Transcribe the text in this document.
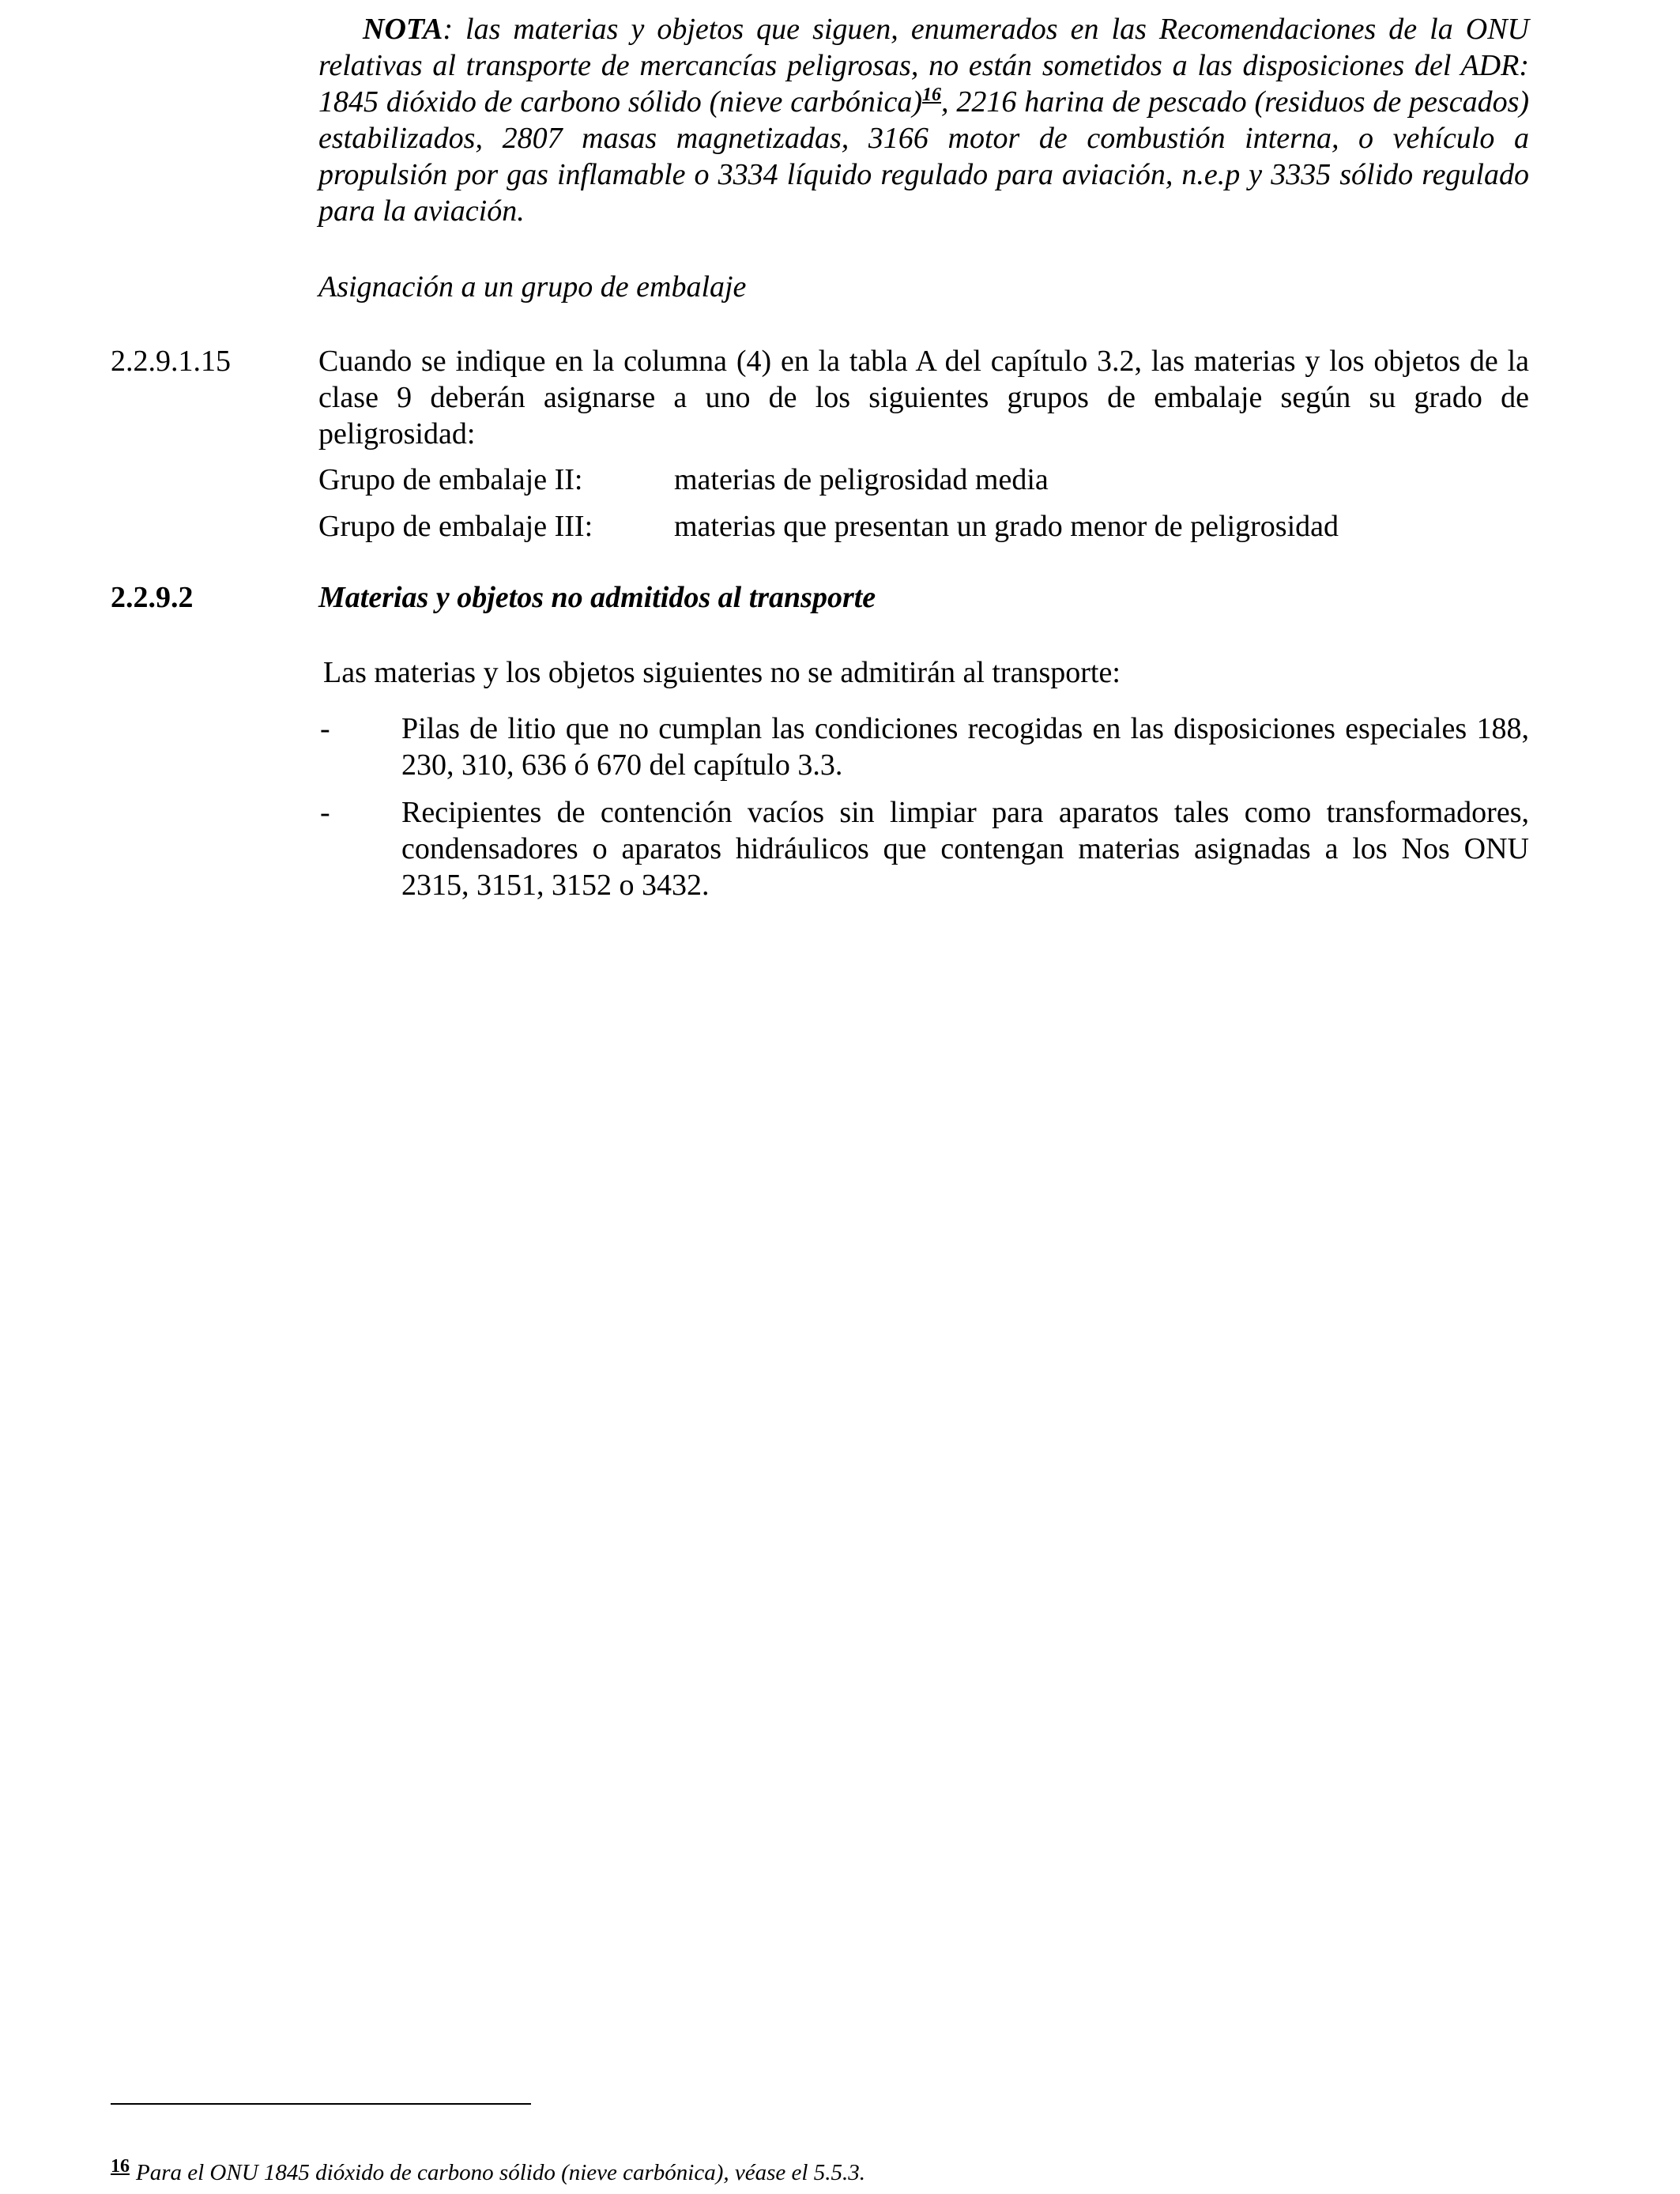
NOTA: las materias y objetos que siguen, enumerados en las Recomendaciones de la ONU relativas al transporte de mercancías peligrosas, no están sometidos a las disposiciones del ADR: 1845 dióxido de carbono sólido (nieve carbónica)$^{16}$, 2216 harina de pescado (residuos de pescados) estabilizados, 2807 masas magnetizadas, 3166 motor de combustión interna, o vehículo a propulsión por gas inflamable o 3334 líquido regulado para aviación, n.e.p y 3335 sólido regulado para la aviación.
Asignación a un grupo de embalaje
2.2.9.1.15	Cuando se indique en la columna (4) en la tabla A del capítulo 3.2, las materias y los objetos de la clase 9 deberán asignarse a uno de los siguientes grupos de embalaje según su grado de peligrosidad:
Grupo de embalaje II:	materias de peligrosidad media
Grupo de embalaje III:	materias que presentan un grado menor de peligrosidad
2.2.9.2	Materias y objetos no admitidos al transporte
Las materias y los objetos siguientes no se admitirán al transporte:
- Pilas de litio que no cumplan las condiciones recogidas en las disposiciones especiales 188, 230, 310, 636 ó 670 del capítulo 3.3.
- Recipientes de contención vacíos sin limpiar para aparatos tales como transformadores, condensadores o aparatos hidráulicos que contengan materias asignadas a los Nos ONU 2315, 3151, 3152 o 3432.
$^{16}$ Para el ONU 1845 dióxido de carbono sólido (nieve carbónica), véase el 5.5.3.
